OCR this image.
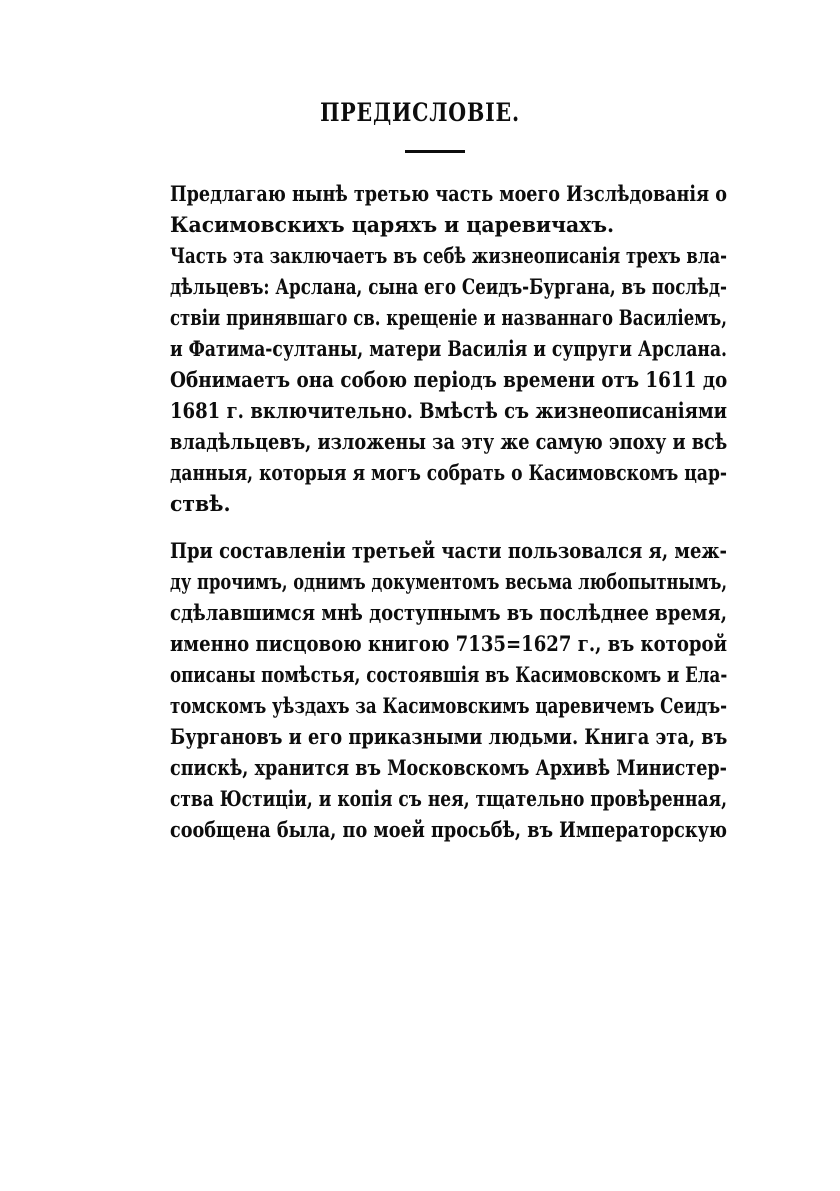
ПРЕДИСЛОВІЕ.
Предлагаю нынѣ третью часть моего Изслѣдованія о
Касимовскихъ царяхъ и царевичахъ.
Часть эта заключаетъ въ себѣ жизнеописанія трехъ вла-
дѣльцевъ: Арслана, сына его Сеидъ-Бургана, въ послѣд-
ствіи принявшаго св. крещеніе и названнаго Василіемъ,
и Фатима-султаны, матери Василія и супруги Арслана.
Обнимаетъ она собою періодъ времени отъ 1611 до
1681 г. включительно. Вмѣстѣ съ жизнеописаніями
владѣльцевъ, изложены за эту же самую эпоху и всѣ
данныя, которыя я могъ собрать о Касимовскомъ цар-
ствѣ.
При составленіи третьей части пользовался я, меж-
ду прочимъ, однимъ документомъ весьма любопытнымъ,
сдѣлавшимся мнѣ доступнымъ въ послѣднее время,
именно писцовою книгою 7135=1627 г., въ которой
описаны помѣстья, состоявшія въ Касимовскомъ и Ела-
томскомъ уѣздахъ за Касимовскимъ царевичемъ Сеидъ-
Бургановъ и его приказными людьми. Книга эта, въ
спискѣ, хранится въ Московскомъ Архивѣ Министер-
ства Юстиціи, и копія съ нея, тщательно провѣренная,
сообщена была, по моей просьбѣ, въ Императорскую
